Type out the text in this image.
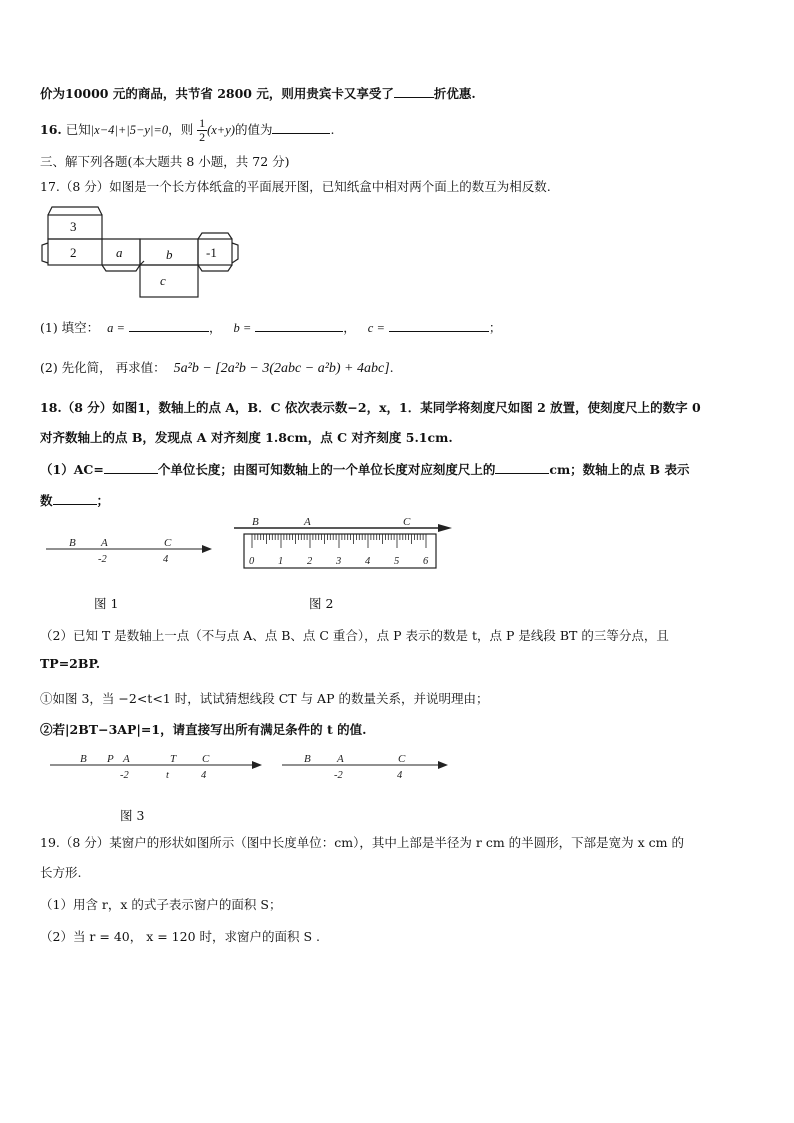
价为10000 元的商品，共节省 2800 元，则用贵宾卡又享受了	折优惠.
16. 已知|x−4|+|5−y|=0，则 $\frac{1}{2} (x+y)$的值为	.
三、解下列各题(本大题共 8 小题，共 72 分)
17.（8 分）如图是一个长方体纸盒的平面展开图，已知纸盒中相对两个面上的数互为相反数.
3
2	a	b	-1
c
(1) 填空： a =	， b =	， c =	；
(2) 先化简， 再求值： 5a²b − [2a²b − 3(2abc − a²b) + 4abc].
18.（8 分）如图1，数轴上的点 A，B．C 依次表示数−2，x，1．某同学将刻度尺如图 2 放置，使刻度尺上的数字 0
对齐数轴上的点 B，发现点 A 对齐刻度 1.8cm，点 C 对齐刻度 5.1cm.
（1）AC=	个单位长度；由图可知数轴上的一个单位长度对应刻度尺上的	cm；数轴上的点 B 表示
数	；
B A	C
-2	4
图 1
B	A	C
0 1 2 3 4 5 6
图 2
（2）已知 T 是数轴上一点（不与点 A、点 B、点 C 重合），点 P 表示的数是 t，点 P 是线段 BT 的三等分点，且
TP=2BP.
①如图 3，当 −2<t<1 时，试试猜想线段 CT 与 AP 的数量关系，并说明理由；
②若|2BT−3AP|=1，请直接写出所有满足条件的 t 的值.
B P A	T C
-2	t	4
B A	C
-2	4
图 3
19.（8 分）某窗户的形状如图所示（图中长度单位：cm），其中上部是半径为 r cm 的半圆形，下部是宽为 x cm 的
长方形.
（1）用含 r，x 的式子表示窗户的面积 S；
（2）当 r = 40， x = 120 时，求窗户的面积 S .
